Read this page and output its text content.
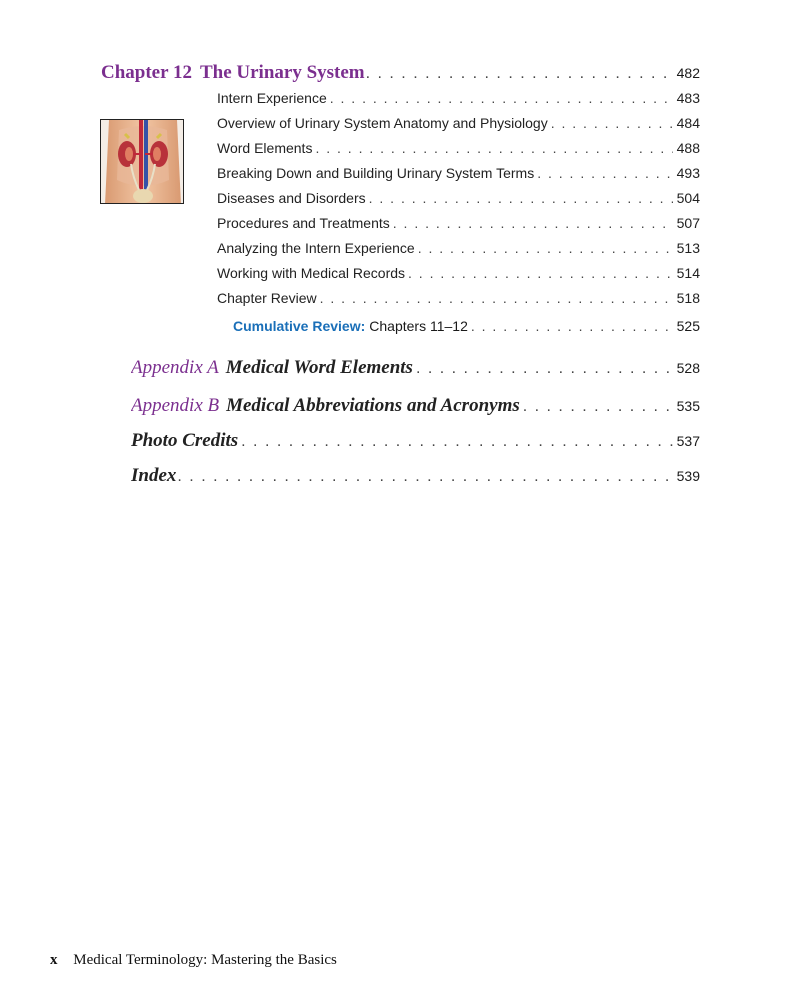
Chapter 12 The Urinary System . . .	482
Intern Experience . . .	483
Overview of Urinary System Anatomy and Physiology . . .	484
Word Elements . . .	488
Breaking Down and Building Urinary System Terms . . .	493
Diseases and Disorders . . .	504
Procedures and Treatments . . .	507
Analyzing the Intern Experience . . .	513
Working with Medical Records . . .	514
Chapter Review . . .	518
Cumulative Review: Chapters 11–12 . . .	525
Appendix A Medical Word Elements . . .	528
Appendix B Medical Abbreviations and Acronyms . . .	535
Photo Credits . . .	537
Index . . .	539
x Medical Terminology: Mastering the Basics
